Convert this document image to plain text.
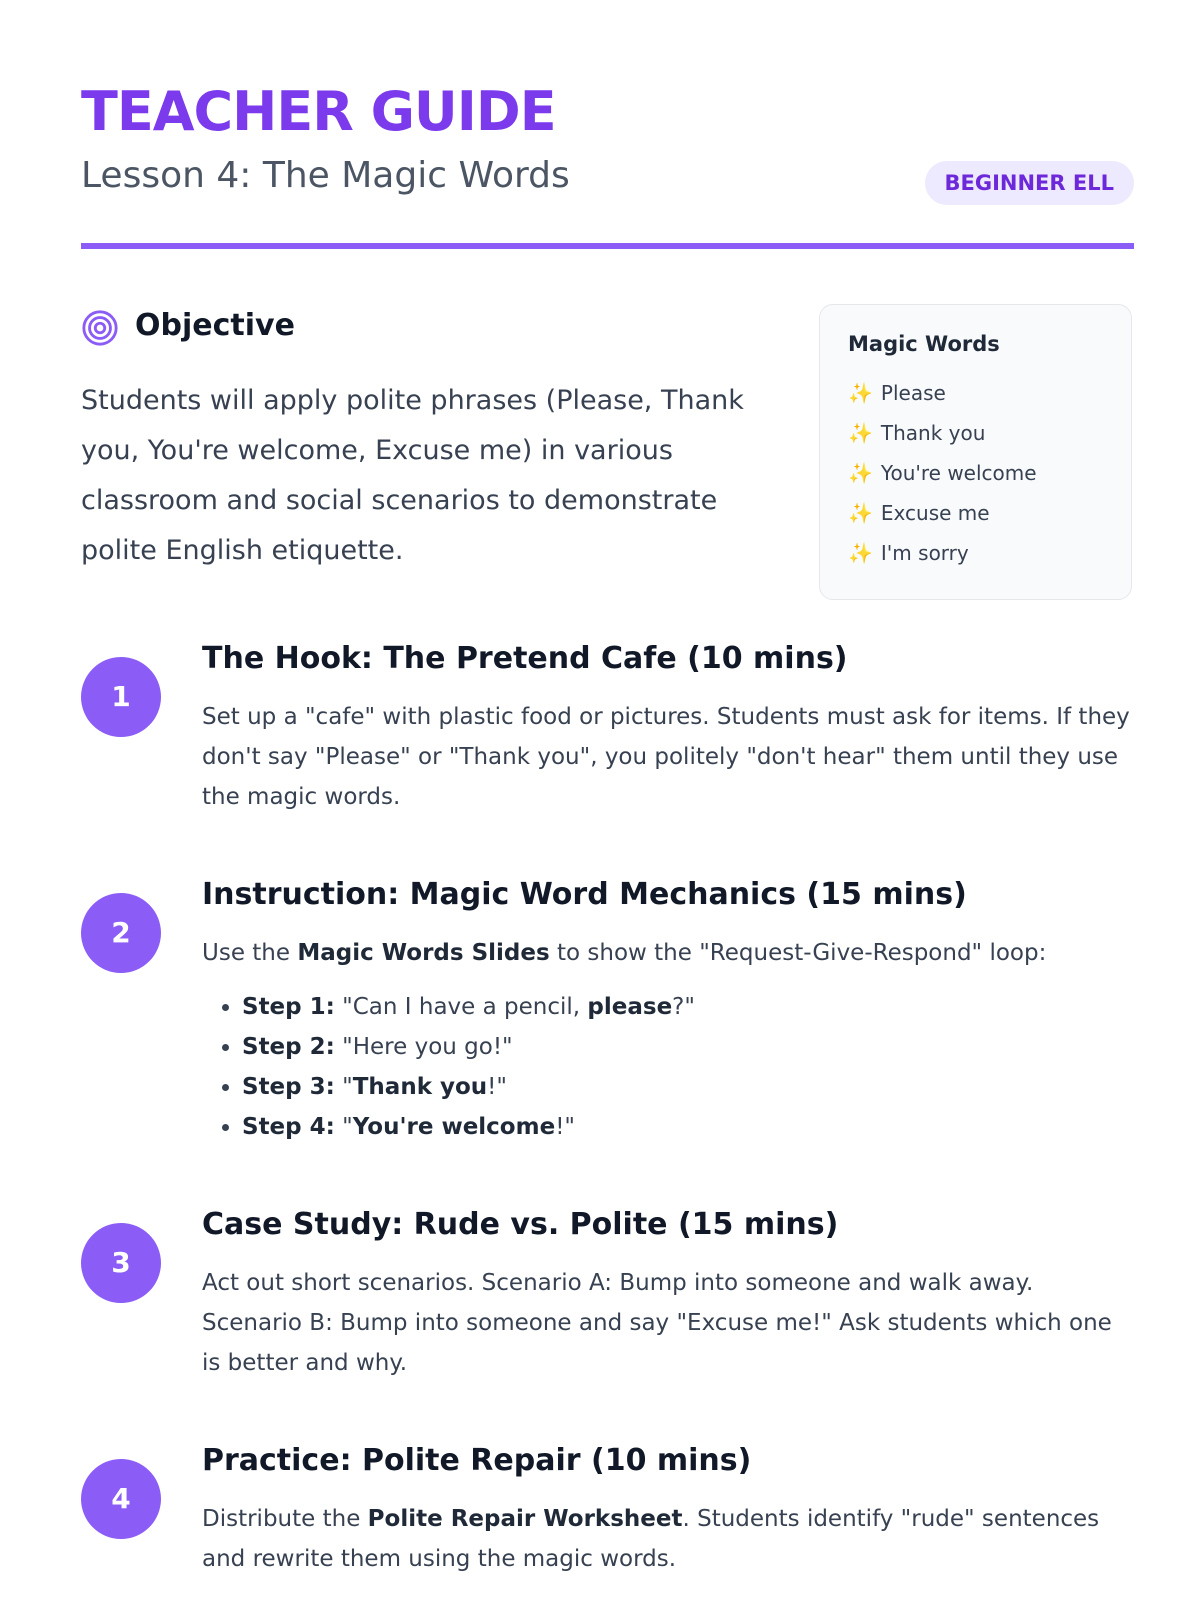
TEACHER GUIDE
Lesson 4: The Magic Words	BEGINNER ELL
Objective
Students will apply polite phrases (Please, Thank you, You're welcome, Excuse me) in various classroom and social scenarios to demonstrate polite English etiquette.
Magic Words
✨ Please
✨ Thank you
✨ You're welcome
✨ Excuse me
✨ I'm sorry
1
The Hook: The Pretend Cafe (10 mins)
Set up a "cafe" with plastic food or pictures. Students must ask for items. If they don't say "Please" or "Thank you", you politely "don't hear" them until they use the magic words.
2
Instruction: Magic Word Mechanics (15 mins)
Use the Magic Words Slides to show the "Request-Give-Respond" loop:
• Step 1: "Can I have a pencil, please?"
• Step 2: "Here you go!"
• Step 3: "Thank you!"
• Step 4: "You're welcome!"
3
Case Study: Rude vs. Polite (15 mins)
Act out short scenarios. Scenario A: Bump into someone and walk away. Scenario B: Bump into someone and say "Excuse me!" Ask students which one is better and why.
4
Practice: Polite Repair (10 mins)
Distribute the Polite Repair Worksheet. Students identify "rude" sentences and rewrite them using the magic words.
